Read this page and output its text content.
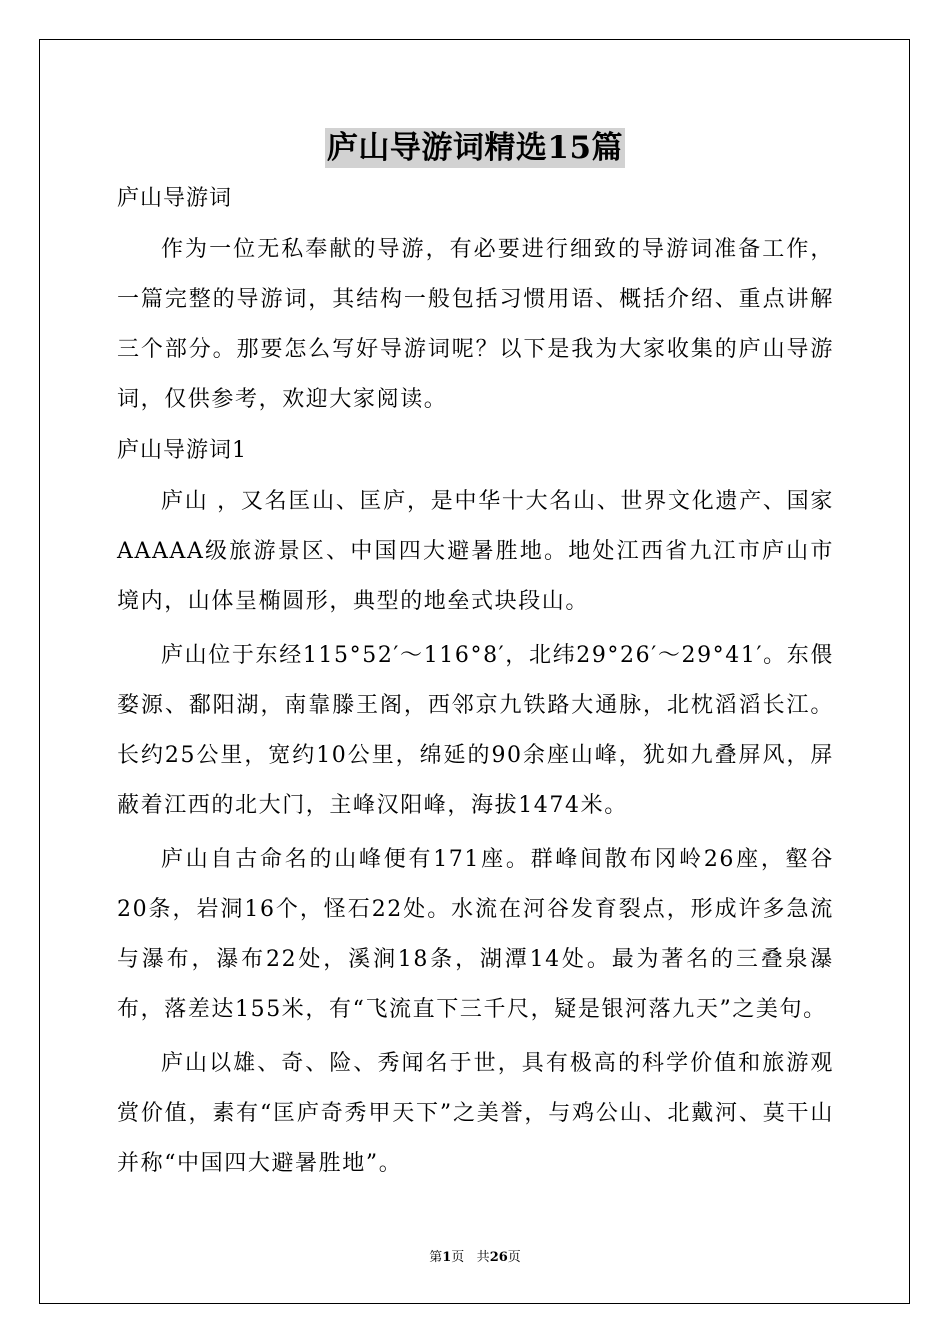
庐山导游词精选15篇

庐山导游词

作为一位无私奉献的导游，有必要进行细致的导游词准备工作，一篇完整的导游词，其结构一般包括习惯用语、概括介绍、重点讲解三个部分。那要怎么写好导游词呢？以下是我为大家收集的庐山导游词，仅供参考，欢迎大家阅读。

庐山导游词1

庐山 ，又名匡山、匡庐，是中华十大名山、世界文化遗产、国家AAAAA级旅游景区、中国四大避暑胜地。地处江西省九江市庐山市境内，山体呈椭圆形，典型的地垒式块段山。

庐山位于东经115°52′～116°8′，北纬29°26′～29°41′。东偎婺源、鄱阳湖，南靠滕王阁，西邻京九铁路大通脉，北枕滔滔长江。长约25公里，宽约10公里，绵延的90余座山峰，犹如九叠屏风，屏蔽着江西的北大门，主峰汉阳峰，海拔1474米。

庐山自古命名的山峰便有171座。群峰间散布冈岭26座，壑谷20条，岩洞16个，怪石22处。水流在河谷发育裂点，形成许多急流与瀑布，瀑布22处，溪涧18条，湖潭14处。最为著名的三叠泉瀑布，落差达155米，有“飞流直下三千尺，疑是银河落九天”之美句。

庐山以雄、奇、险、秀闻名于世，具有极高的科学价值和旅游观赏价值，素有“匡庐奇秀甲天下”之美誉，与鸡公山、北戴河、莫干山并称“中国四大避暑胜地”。

第1页 共26页
